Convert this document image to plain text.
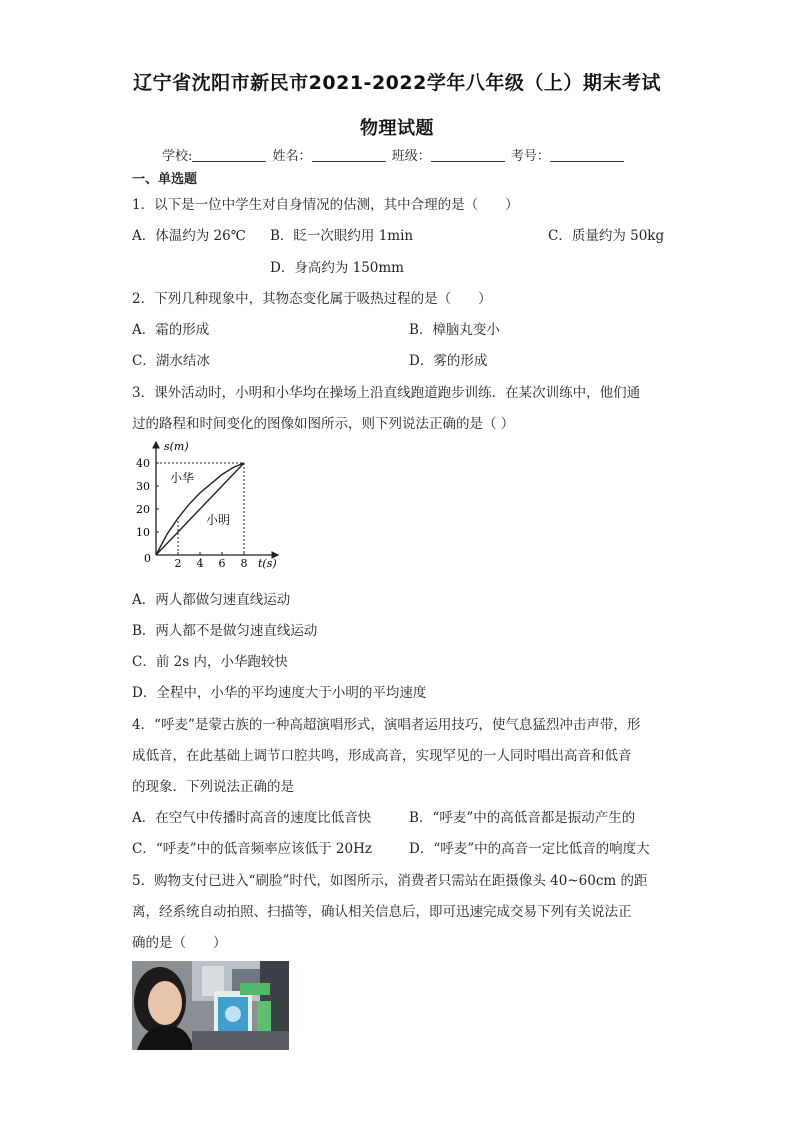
辽宁省沈阳市新民市2021-2022学年八年级（上）期末考试
物理试题
学校:	姓名：	班级：	考号：
一、单选题
1．以下是一位中学生对自身情况的估测，其中合理的是（　　）
A．体温约为 26℃ B．眨一次眼约用 1min	C．质量约为 50kg
D．身高约为 150mm
2．下列几种现象中，其物态变化属于吸热过程的是（　　）
A．霜的形成	B．樟脑丸变小
C．湖水结冰	D．雾的形成
3．课外活动时，小明和小华均在操场上沿直线跑道跑步训练．在某次训练中，他们通
过的路程和时间变化的图像如图所示，则下列说法正确的是（ ）
2 4 6 8
10
20
30
40
s(m)
t(s)
0
小华
小明
A．两人都做匀速直线运动
B．两人都不是做匀速直线运动
C．前 2s 内，小华跑较快
D．全程中，小华的平均速度大于小明的平均速度
4．“呼麦”是蒙古族的一种高超演唱形式，演唱者运用技巧，使气息猛烈冲击声带，形
成低音，在此基础上调节口腔共鸣，形成高音，实现罕见的一人同时唱出高音和低音
的现象．下列说法正确的是
A．在空气中传播时高音的速度比低音快	B．“呼麦”中的高低音都是振动产生的
C．“呼麦”中的低音频率应该低于 20Hz	D．“呼麦”中的高音一定比低音的响度大
5．购物支付已进入“刷脸”时代，如图所示，消费者只需站在距摄像头 40~60cm 的距
离，经系统自动拍照、扫描等，确认相关信息后，即可迅速完成交易下列有关说法正
确的是（　　）
